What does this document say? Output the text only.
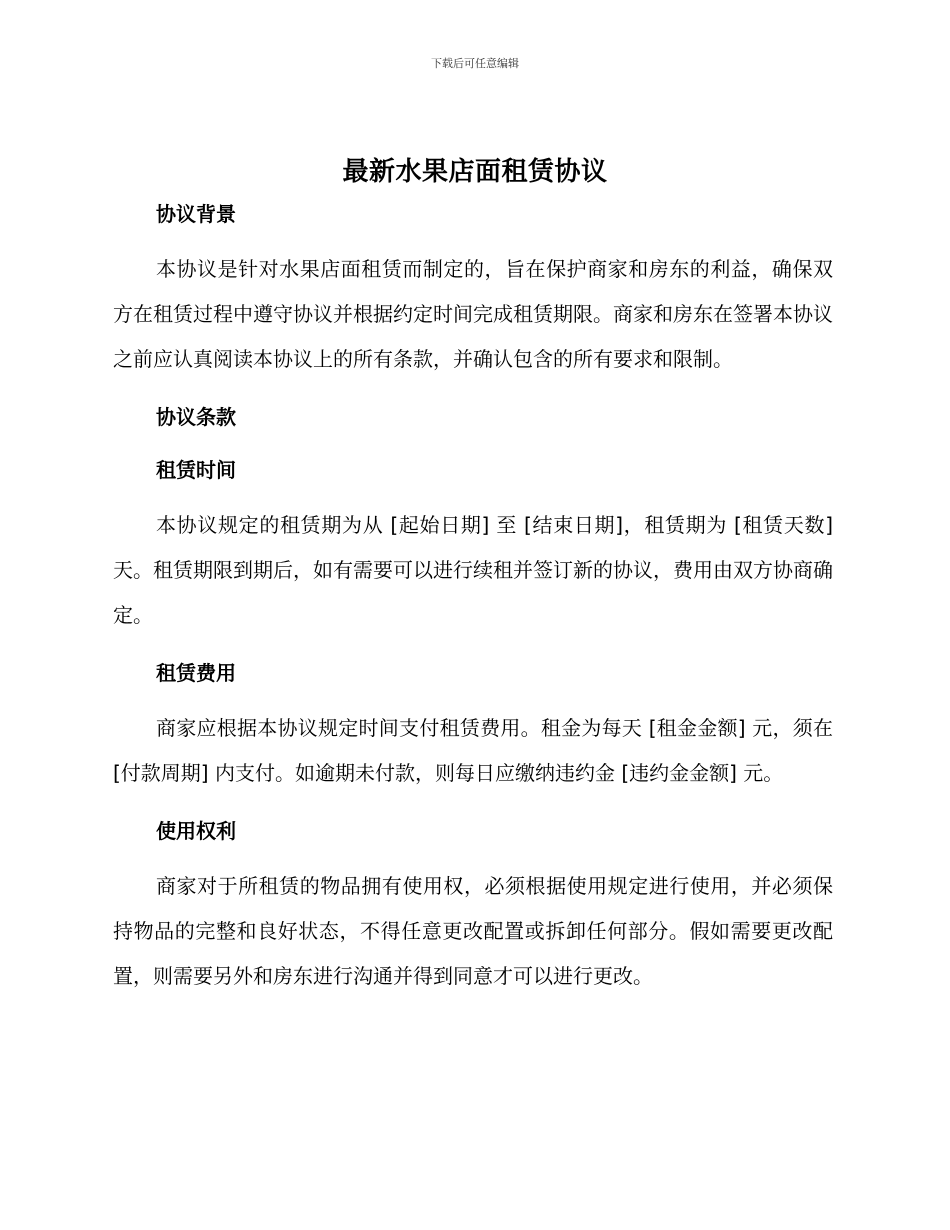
下载后可任意编辑
最新水果店面租赁协议
协议背景

本协议是针对水果店面租赁而制定的，旨在保护商家和房东的利益，确保双方在租赁过程中遵守协议并根据约定时间完成租赁期限。商家和房东在签署本协议之前应认真阅读本协议上的所有条款，并确认包含的所有要求和限制。

协议条款
租赁时间

本协议规定的租赁期为从 [起始日期] 至 [结束日期]，租赁期为 [租赁天数] 天。租赁期限到期后，如有需要可以进行续租并签订新的协议，费用由双方协商确定。

租赁费用

商家应根据本协议规定时间支付租赁费用。租金为每天 [租金金额] 元，须在 [付款周期] 内支付。如逾期未付款，则每日应缴纳违约金 [违约金金额] 元。

使用权利

商家对于所租赁的物品拥有使用权，必须根据使用规定进行使用，并必须保持物品的完整和良好状态，不得任意更改配置或拆卸任何部分。假如需要更改配置，则需要另外和房东进行沟通并得到同意才可以进行更改。
